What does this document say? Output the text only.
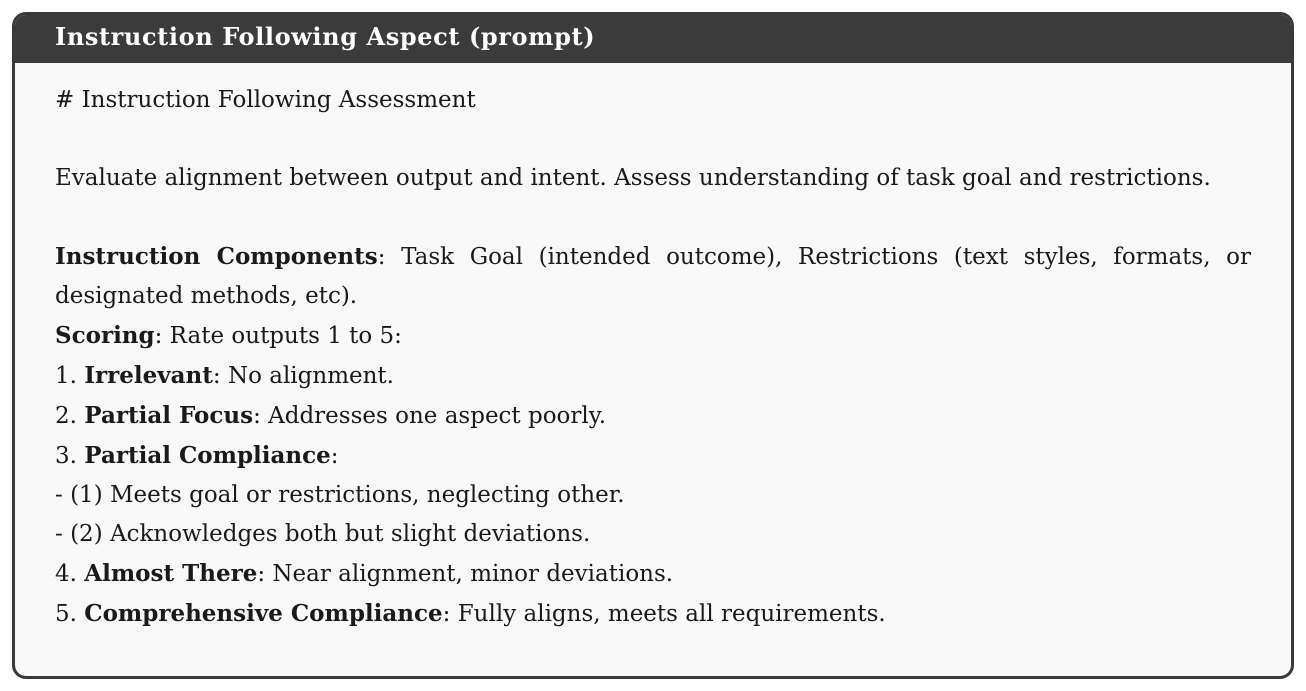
Instruction Following Aspect (prompt)

# Instruction Following Assessment

Evaluate alignment between output and intent. Assess understanding of task goal and restrictions.

Instruction Components: Task Goal (intended outcome), Restrictions (text styles, formats, or

designated methods, etc).

Scoring: Rate outputs 1 to 5:

1. Irrelevant: No alignment.

2. Partial Focus: Addresses one aspect poorly.

3. Partial Compliance:

- (1) Meets goal or restrictions, neglecting other.

- (2) Acknowledges both but slight deviations.

4. Almost There: Near alignment, minor deviations.

5. Comprehensive Compliance: Fully aligns, meets all requirements.
